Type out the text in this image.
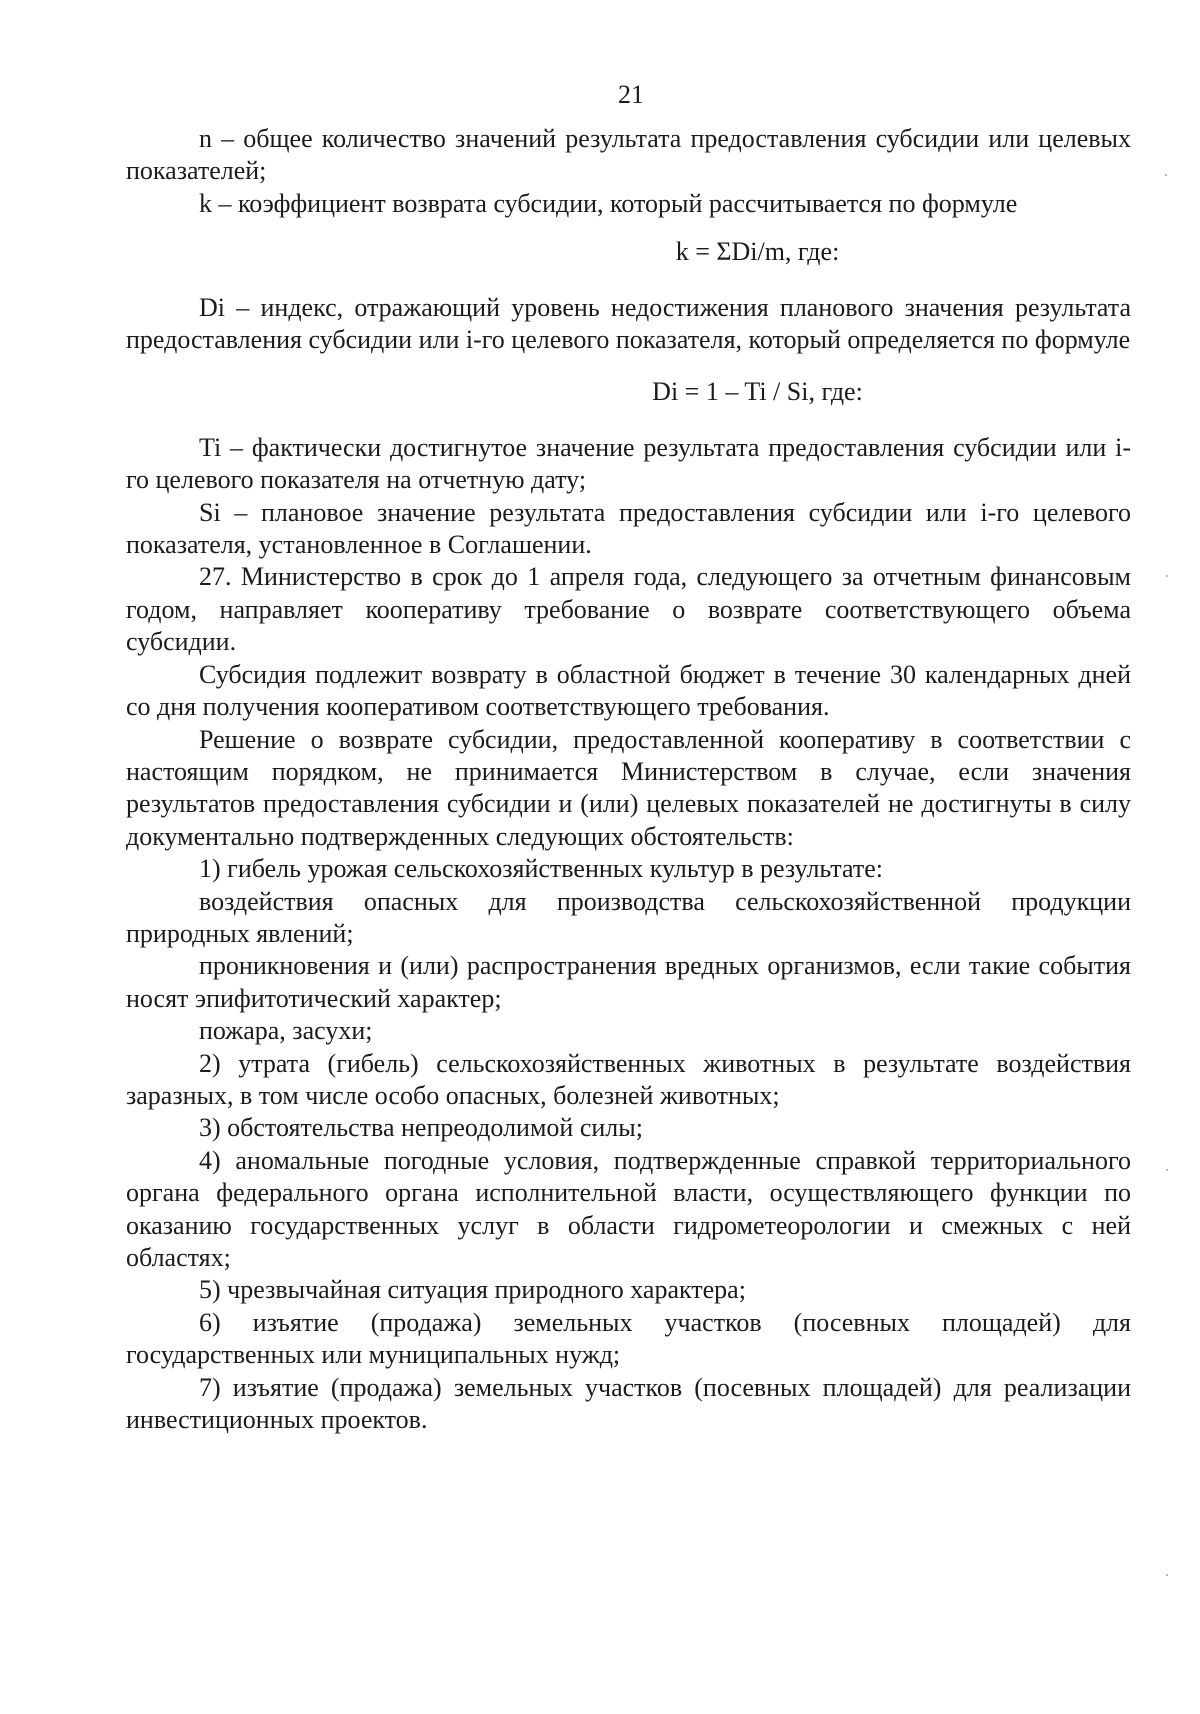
21

n – общее количество значений результата предоставления субсидии или целевых показателей;

k – коэффициент возврата субсидии, который рассчитывается по формуле

k = ΣDi/m, где:

Di – индекс, отражающий уровень недостижения планового значения результата предоставления субсидии или i-го целевого показателя, который определяется по формуле

Di = 1 – Ti / Si, где:

Ti – фактически достигнутое значение результата предоставления субсидии или i-го целевого показателя на отчетную дату;

Si – плановое значение результата предоставления субсидии или i-го целевого показателя, установленное в Соглашении.

27. Министерство в срок до 1 апреля года, следующего за отчетным финансовым годом, направляет кооперативу требование о возврате соответствующего объема субсидии.

Субсидия подлежит возврату в областной бюджет в течение 30 календарных дней со дня получения кооперативом соответствующего требования.

Решение о возврате субсидии, предоставленной кооперативу в соответствии с настоящим порядком, не принимается Министерством в случае, если значения результатов предоставления субсидии и (или) целевых показателей не достигнуты в силу документально подтвержденных следующих обстоятельств:

1) гибель урожая сельскохозяйственных культур в результате:

воздействия опасных для производства сельскохозяйственной продукции природных явлений;

проникновения и (или) распространения вредных организмов, если такие события носят эпифитотический характер;

пожара, засухи;

2) утрата (гибель) сельскохозяйственных животных в результате воздействия заразных, в том числе особо опасных, болезней животных;

3) обстоятельства непреодолимой силы;

4) аномальные погодные условия, подтвержденные справкой территориального органа федерального органа исполнительной власти, осуществляющего функции по оказанию государственных услуг в области гидрометеорологии и смежных с ней областях;

5) чрезвычайная ситуация природного характера;

6) изъятие (продажа) земельных участков (посевных площадей) для государственных или муниципальных нужд;

7) изъятие (продажа) земельных участков (посевных площадей) для реализации инвестиционных проектов.
